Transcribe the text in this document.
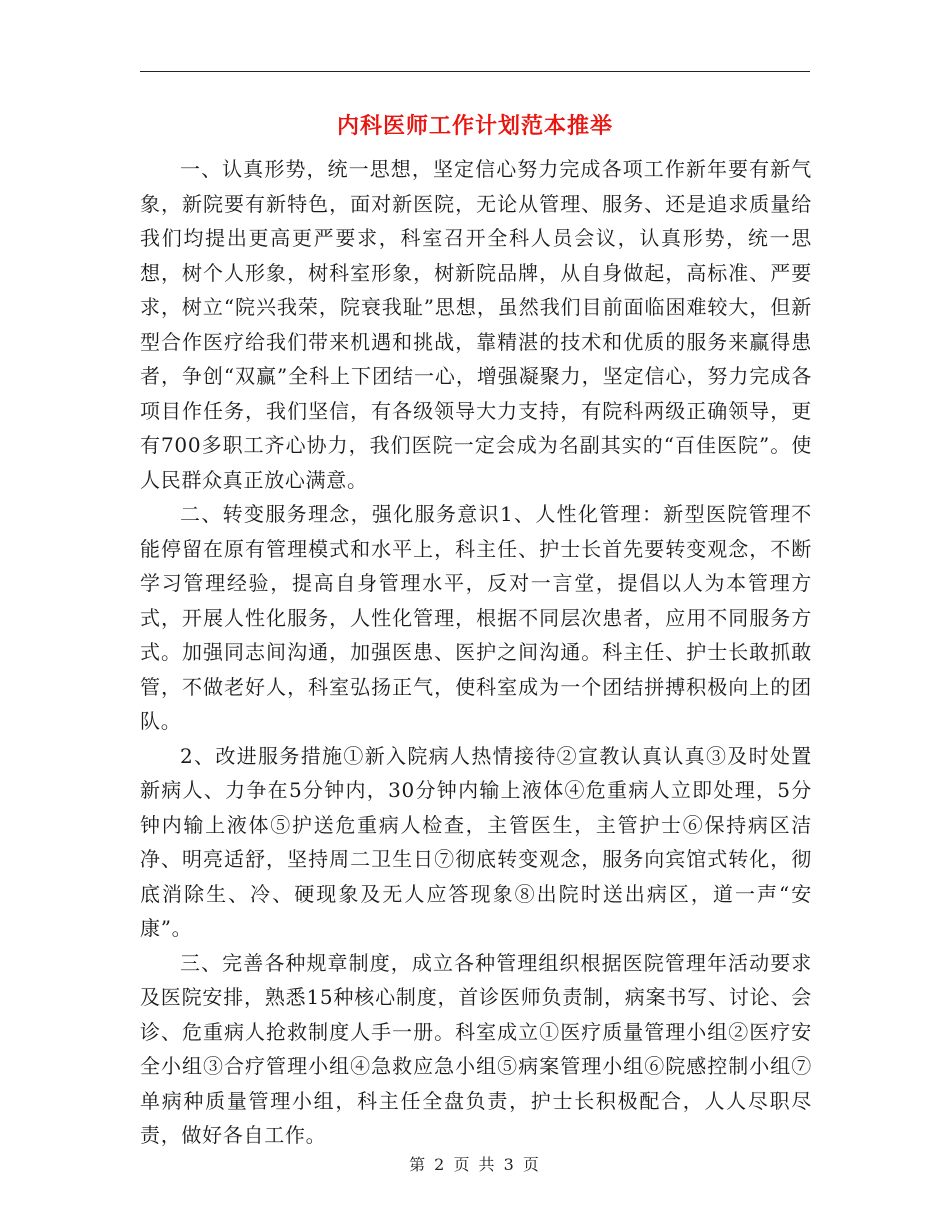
内科医师工作计划范本推举

一、认真形势，统一思想，坚定信心努力完成各项工作新年要有新气象，新院要有新特色，面对新医院，无论从管理、服务、还是追求质量给我们均提出更高更严要求，科室召开全科人员会议，认真形势，统一思想，树个人形象，树科室形象，树新院品牌，从自身做起，高标准、严要求，树立“院兴我荣，院衰我耻”思想，虽然我们目前面临困难较大，但新型合作医疗给我们带来机遇和挑战，靠精湛的技术和优质的服务来赢得患者，争创“双赢”全科上下团结一心，增强凝聚力，坚定信心，努力完成各项目作任务，我们坚信，有各级领导大力支持，有院科两级正确领导，更有700多职工齐心协力，我们医院一定会成为名副其实的“百佳医院”。使人民群众真正放心满意。

二、转变服务理念，强化服务意识1、人性化管理：新型医院管理不能停留在原有管理模式和水平上，科主任、护士长首先要转变观念，不断学习管理经验，提高自身管理水平，反对一言堂，提倡以人为本管理方式，开展人性化服务，人性化管理，根据不同层次患者，应用不同服务方式。加强同志间沟通，加强医患、医护之间沟通。科主任、护士长敢抓敢管，不做老好人，科室弘扬正气，使科室成为一个团结拼搏积极向上的团队。

2、改进服务措施①新入院病人热情接待②宣教认真认真③及时处置新病人、力争在5分钟内，30分钟内输上液体④危重病人立即处理，5分钟内输上液体⑤护送危重病人检查，主管医生，主管护士⑥保持病区洁净、明亮适舒，坚持周二卫生日⑦彻底转变观念，服务向宾馆式转化，彻底消除生、冷、硬现象及无人应答现象⑧出院时送出病区，道一声“安康”。

三、完善各种规章制度，成立各种管理组织根据医院管理年活动要求及医院安排，熟悉15种核心制度，首诊医师负责制，病案书写、讨论、会诊、危重病人抢救制度人手一册。科室成立①医疗质量管理小组②医疗安全小组③合疗管理小组④急救应急小组⑤病案管理小组⑥院感控制小组⑦单病种质量管理小组，科主任全盘负责，护士长积极配合，人人尽职尽责，做好各自工作。

第 2 页 共 3 页
